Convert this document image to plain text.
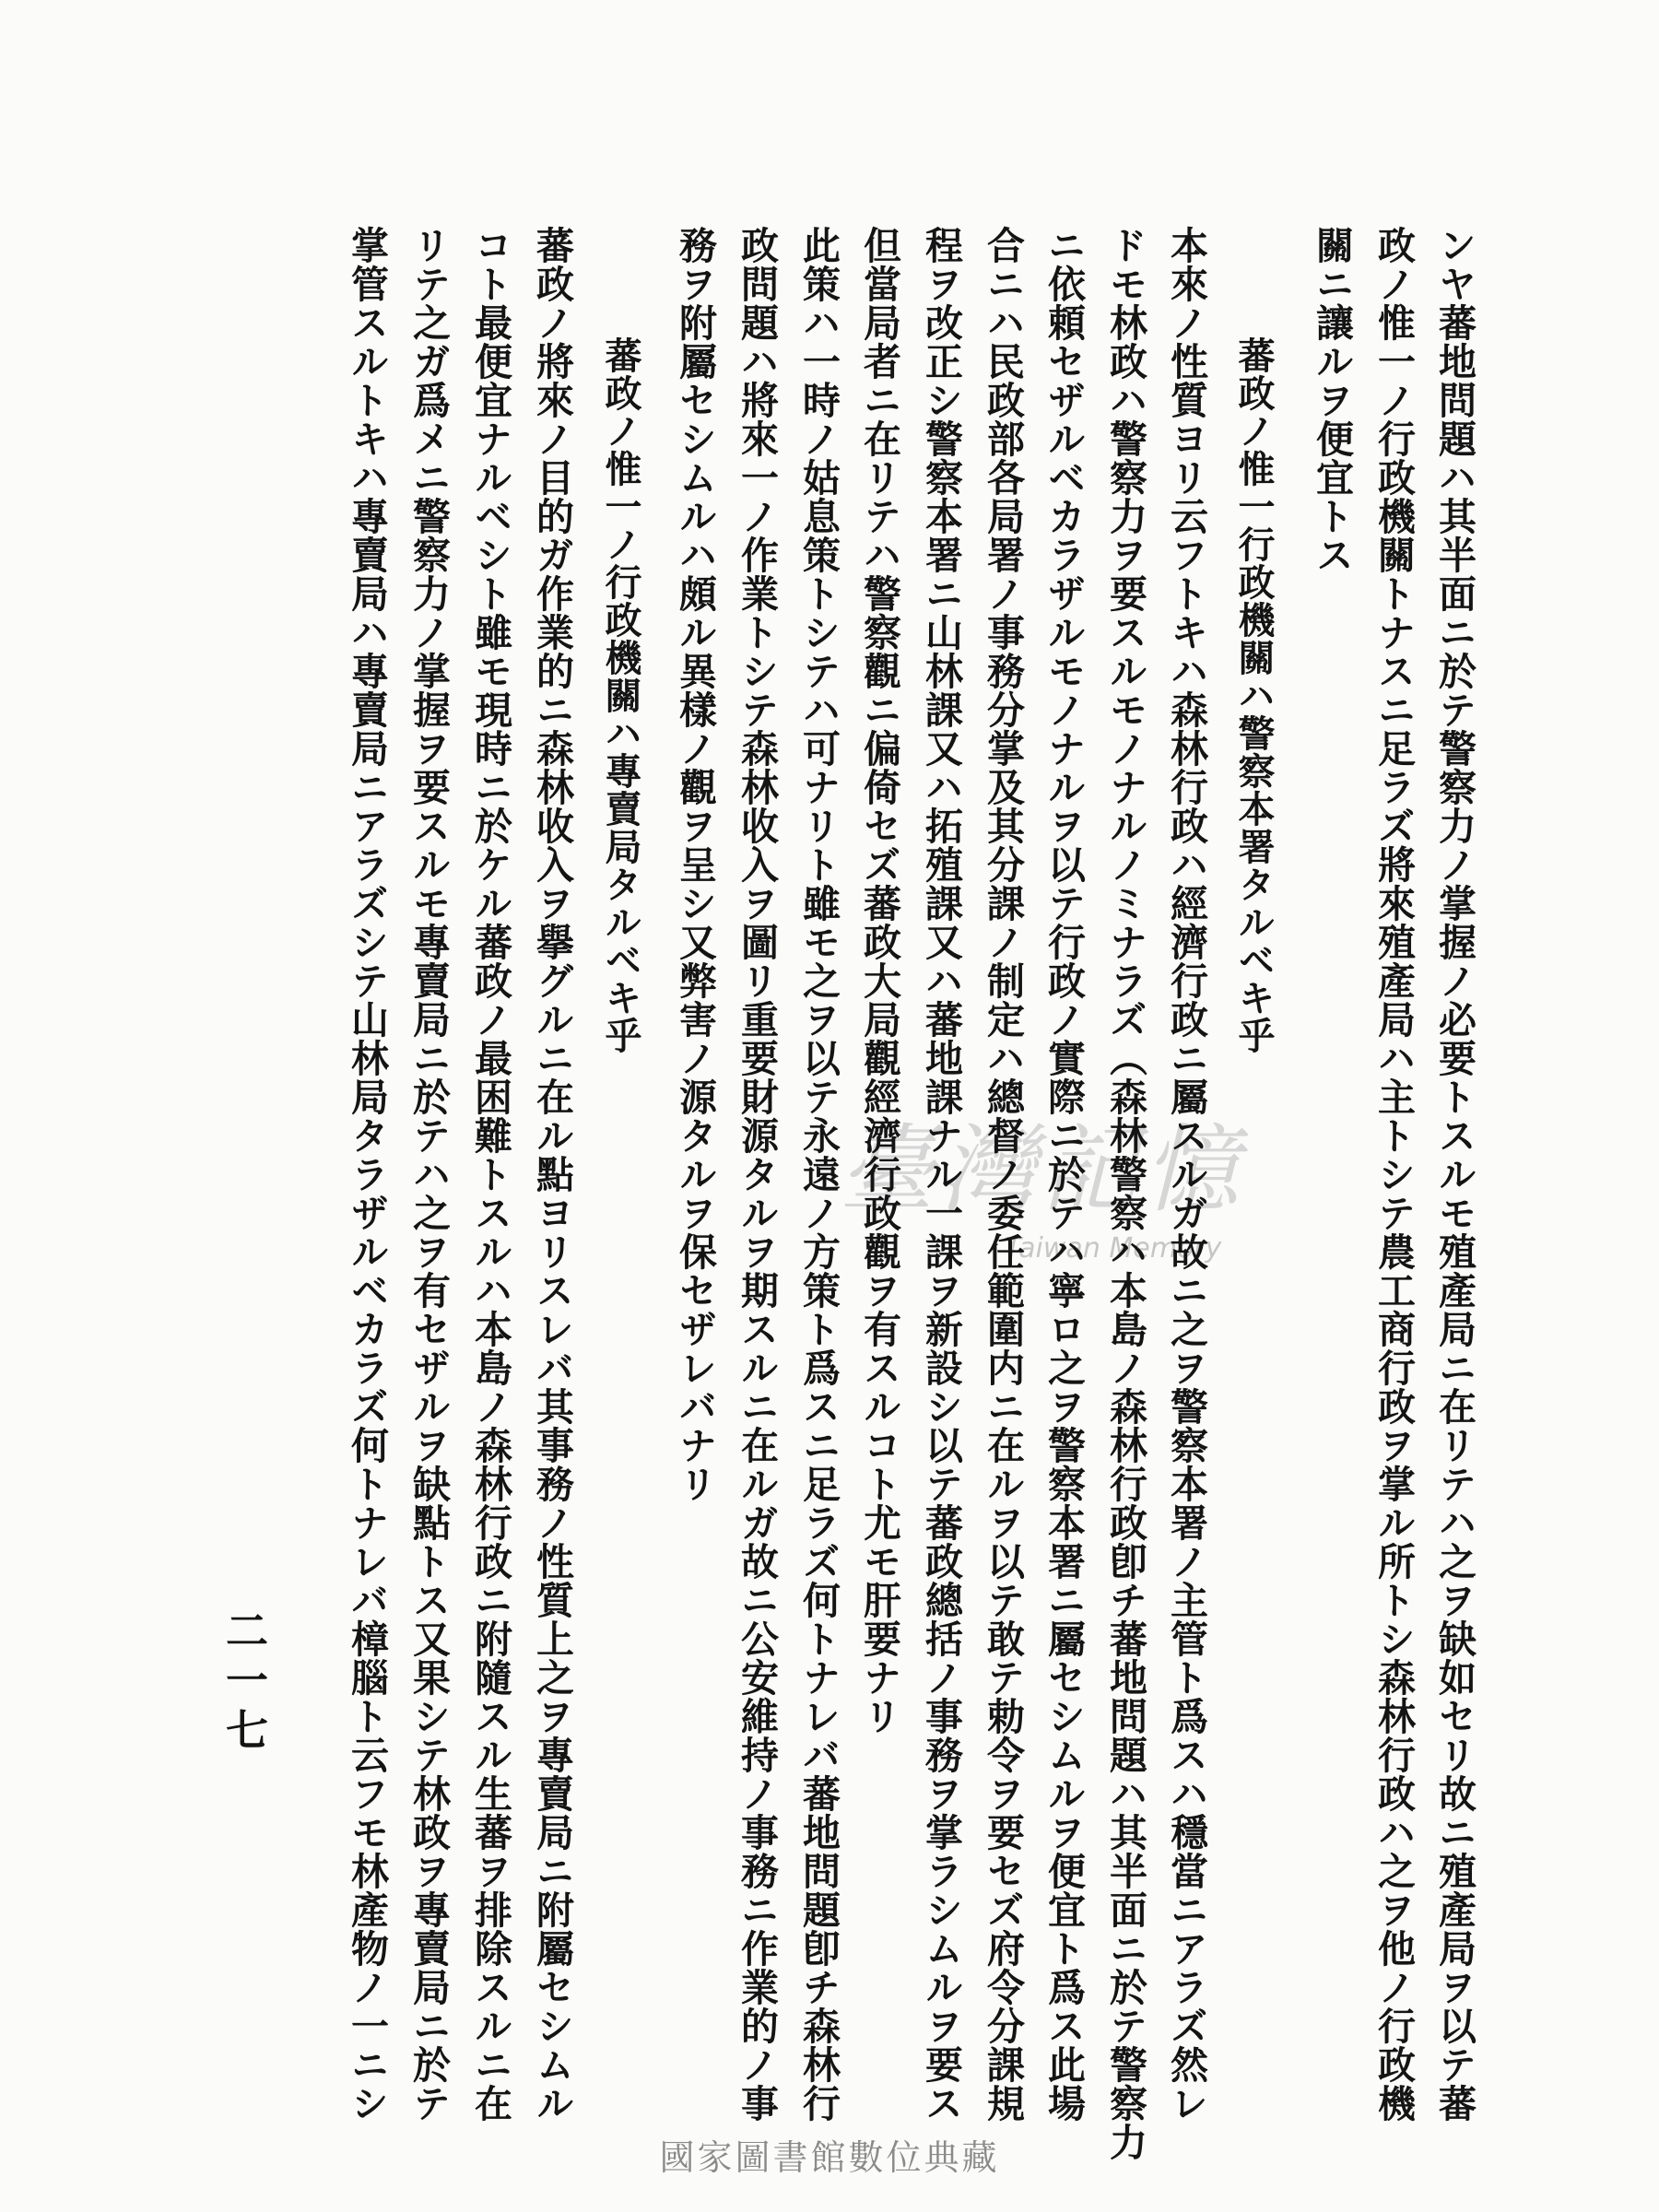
臺灣記憶
Taiwan Memory	ンヤ蕃地問題ハ其半面ニ於テ警察力ノ掌握ノ必要トスルモ殖產局ニ在リテハ之ヲ缺如セリ故ニ殖產局ヲ以テ蕃
政ノ惟一ノ行政機關トナスニ足ラズ將來殖產局ハ主トシテ農工商行政ヲ掌ル所トシ森林行政ハ之ヲ他ノ行政機
關ニ讓ルヲ便宜トス
蕃政ノ惟一行政機關ハ警察本署タルベキ乎
本來ノ性質ヨリ云フトキハ森林行政ハ經濟行政ニ屬スルガ故ニ之ヲ警察本署ノ主管ト爲スハ穩當ニアラズ然レ
ドモ林政ハ警察力ヲ要スルモノナルノミナラズ（森林警察ハ本島ノ森林行政卽チ蕃地問題ハ其半面ニ於テ警察力
ニ依頼セザルベカラザルモノナルヲ以テ行政ノ實際ニ於テハ寧ロ之ヲ警察本署ニ屬セシムルヲ便宜ト爲ス此場
合ニハ民政部各局署ノ事務分掌及其分課ノ制定ハ總督ノ委任範圍内ニ在ルヲ以テ敢テ勅令ヲ要セズ府令分課規
程ヲ改正シ警察本署ニ山林課又ハ拓殖課又ハ蕃地課ナル一課ヲ新設シ以テ蕃政總括ノ事務ヲ掌ラシムルヲ要ス
但當局者ニ在リテハ警察觀ニ偏倚セズ蕃政大局觀經濟行政觀ヲ有スルコト尤モ肝要ナリ
此策ハ一時ノ姑息策トシテハ可ナリト雖モ之ヲ以テ永遠ノ方策ト爲スニ足ラズ何トナレバ蕃地問題卽チ森林行
政問題ハ將來一ノ作業トシテ森林收入ヲ圖リ重要財源タルヲ期スルニ在ルガ故ニ公安維持ノ事務ニ作業的ノ事
務ヲ附屬セシムルハ頗ル異樣ノ觀ヲ呈シ又弊害ノ源タルヲ保セザレバナリ
蕃政ノ惟一ノ行政機關ハ專賣局タルベキ乎
蕃政ノ將來ノ目的ガ作業的ニ森林收入ヲ擧グルニ在ル點ヨリスレバ其事務ノ性質上之ヲ專賣局ニ附屬セシムル
コト最便宜ナルベシト雖モ現時ニ於ケル蕃政ノ最困難トスルハ本島ノ森林行政ニ附隨スル生蕃ヲ排除スルニ在
リテ之ガ爲メニ警察力ノ掌握ヲ要スルモ專賣局ニ於テハ之ヲ有セザルヲ缺點トス又果シテ林政ヲ專賣局ニ於テ
掌管スルトキハ專賣局ハ專賣局ニアラズシテ山林局タラザルベカラズ何トナレバ樟腦ト云フモ林產物ノ一ニシ
二一七
國家圖書館數位典藏
